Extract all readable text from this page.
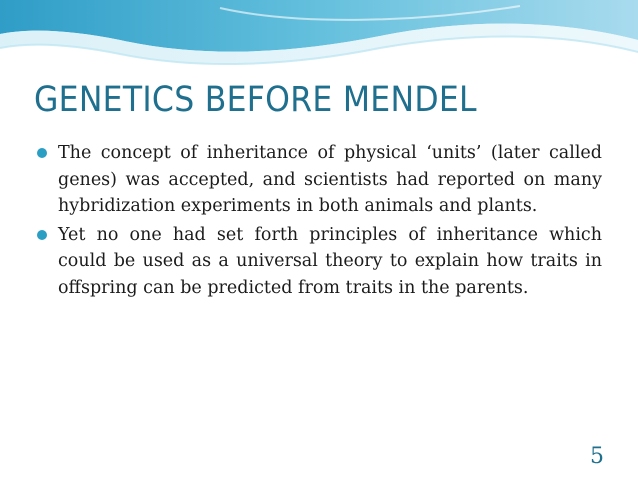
GENETICS BEFORE MENDEL
The concept of inheritance of physical ‘units’ (later called genes) was accepted, and scientists had reported on many hybridization experiments in both animals and plants.
Yet no one had set forth principles of inheritance which could be used as a universal theory to explain how traits in offspring can be predicted from traits in the parents.
5
